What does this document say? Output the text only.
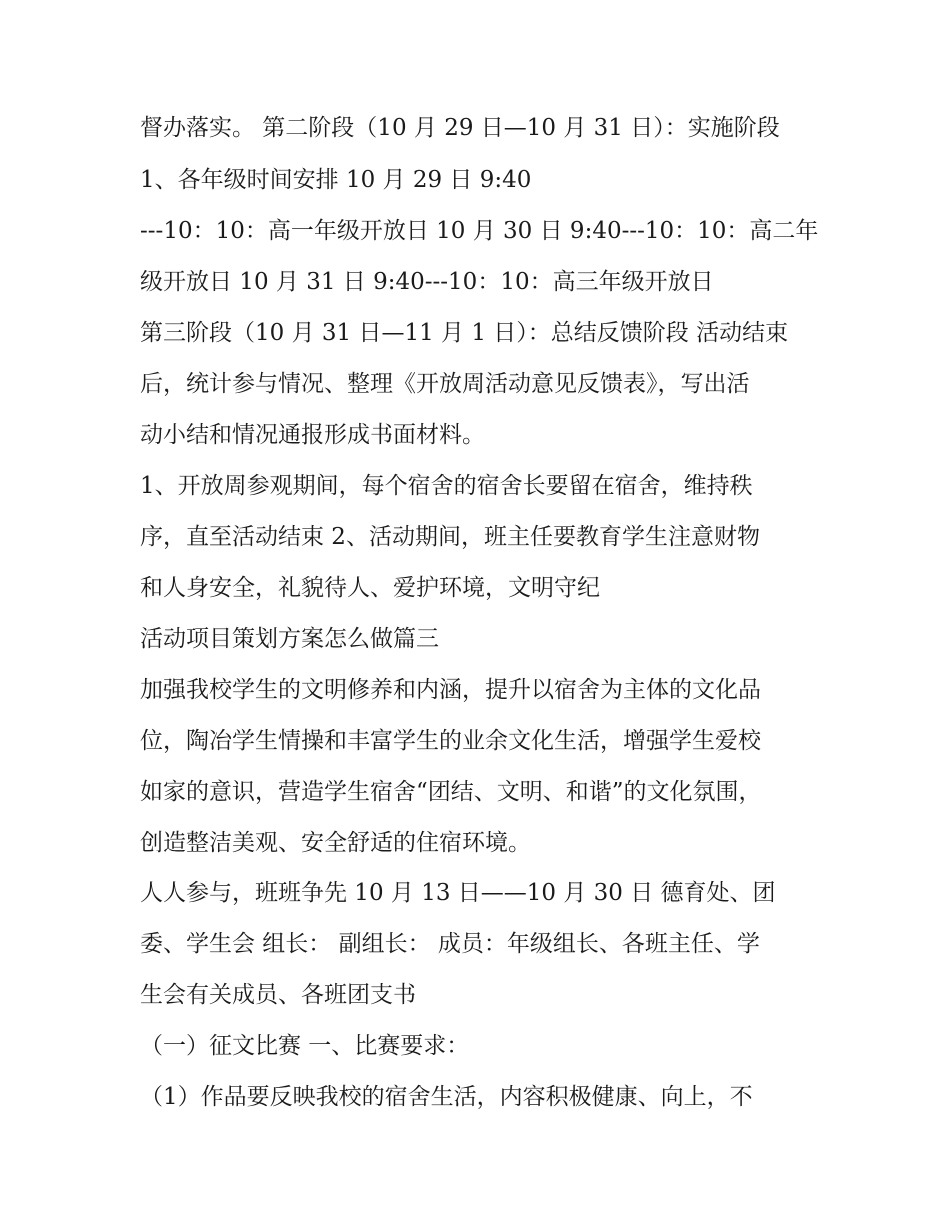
督办落实。 第二阶段（10 月 29 日—10 月 31 日）：实施阶段
1、各年级时间安排 10 月 29 日 9:40
---10：10：高一年级开放日 10 月 30 日 9:40---10：10：高二年
级开放日 10 月 31 日 9:40---10：10：高三年级开放日
第三阶段（10 月 31 日—11 月 1 日）：总结反馈阶段 活动结束
后，统计参与情况、整理《开放周活动意见反馈表》，写出活
动小结和情况通报形成书面材料。
1、开放周参观期间，每个宿舍的宿舍长要留在宿舍，维持秩
序，直至活动结束 2、活动期间，班主任要教育学生注意财物
和人身安全，礼貌待人、爱护环境，文明守纪
活动项目策划方案怎么做篇三
加强我校学生的文明修养和内涵，提升以宿舍为主体的文化品
位，陶冶学生情操和丰富学生的业余文化生活，增强学生爱校
如家的意识，营造学生宿舍“团结、文明、和谐”的文化氛围，
创造整洁美观、安全舒适的住宿环境。
人人参与，班班争先 10 月 13 日——10 月 30 日 德育处、团
委、学生会 组长： 副组长： 成员：年级组长、各班主任、学
生会有关成员、各班团支书
（一）征文比赛 一、比赛要求：
（1）作品要反映我校的宿舍生活，内容积极健康、向上，不
